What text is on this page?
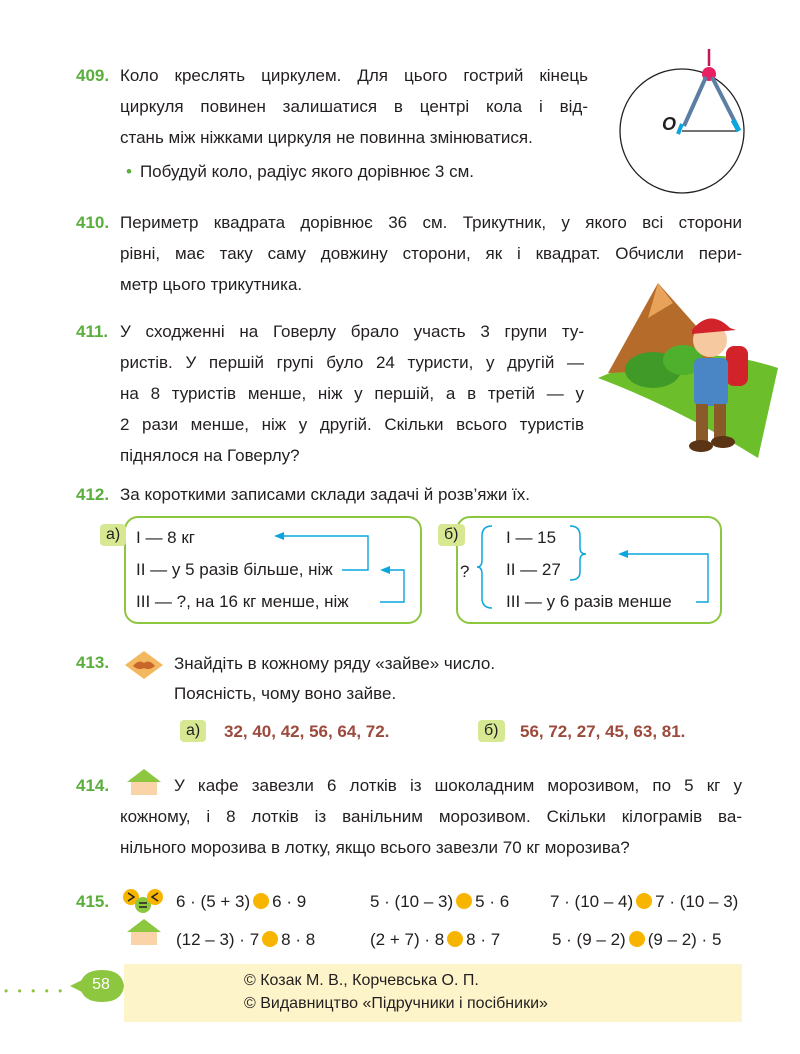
409. Коло креслять циркулем. Для цього гострий кінець
циркуля повинен залишатися в центрі кола і від-
стань між ніжками циркуля не повинна змінюватися.
• Побудуй коло, радіус якого дорівнює 3 см.
O
410. Периметр квадрата дорівнює 36 см. Трикутник, у якого всі сторони
рівні, має таку саму довжину сторони, як і квадрат. Обчисли пери-
метр цього трикутника.
411. У сходженні на Говерлу брало участь 3 групи ту-
ристів. У першій групі було 24 туристи, у другій —
на 8 туристів менше, ніж у першій, а в третій — у
2 рази менше, ніж у другій. Скільки всього туристів
піднялося на Говерлу?
412. За короткими записами склади задачі й розв’яжи їх.
а) I — 8 кг
II — у 5 разів більше, ніж
III — ?, на 16 кг менше, ніж
б)
?
I — 15
II — 27
III — у 6 разів менше
413.	Знайдіть в кожному ряду «зайве» число.
Поясність, чому воно зайве.
а)	32, 40, 42, 56, 64, 72.	б)	56, 72, 27, 45, 63, 81.
414.	У кафе завезли 6 лотків із шоколадним морозивом, по 5 кг у
кожному, і 8 лотків із ванільним морозивом. Скільки кілограмів ва-
нільного морозива в лотку, якщо всього завезли 70 кг морозива?
415.	6 · (5 + 3) 6 · 9	5 · (10 – 3) 5 · 6 7 · (10 – 4) 7 · (10 – 3)
(12 – 3) · 7 8 · 8	(2 + 7) · 8 8 · 7	5 · (9 – 2) (9 – 2) · 5
© Козак М. В., Корчевська О. П.
© Видавництво «Підручники і посібники»
• • • • •	58
